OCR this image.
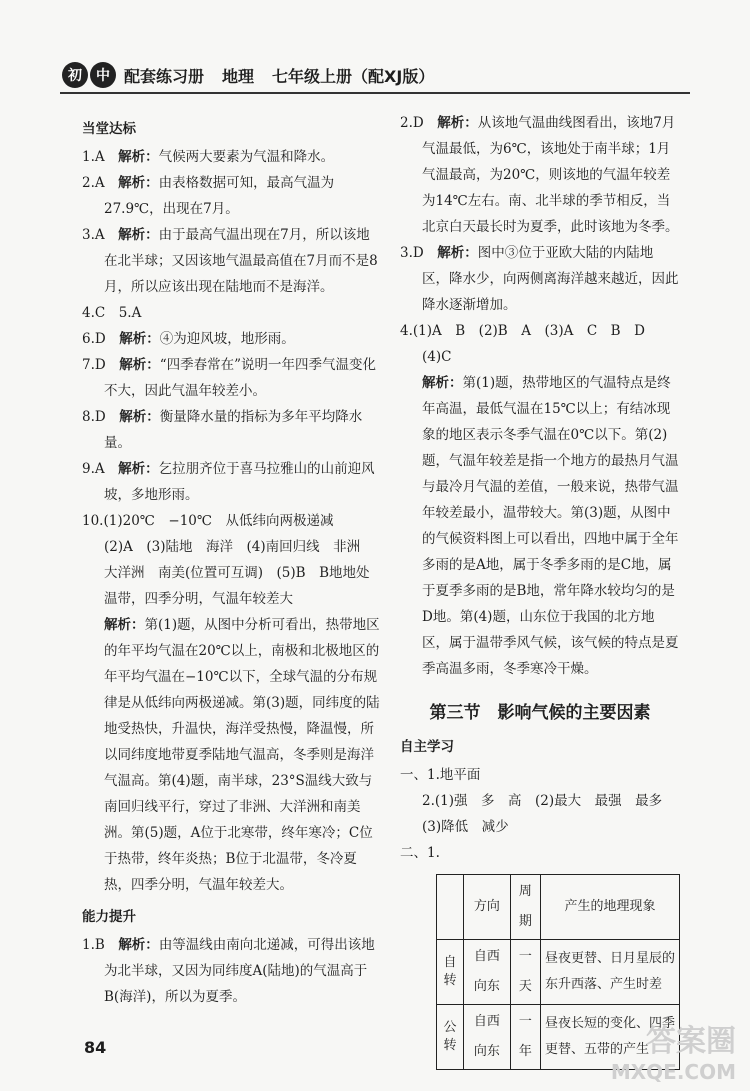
初	中 配套练习册 地理 七年级上册（配XJ版）
当堂达标
1.A　 解析：气候两大要素为气温和降水。
2.A　 解析：由表格数据可知，最高气温为27.9℃，出现在7月。
3.A　 解析：由于最高气温出现在7月，所以该地在北半球；又因该地气温最高值在7月而不是8月，所以应该出现在陆地而不是海洋。
4.C　5.A
6.D　 解析：④为迎风坡，地形雨。
7.D　 解析：“四季春常在”说明一年四季气温变化不大，因此气温年较差小。
8.D　 解析：衡量降水量的指标为多年平均降水量。
9.A　 解析：乞拉朋齐位于喜马拉雅山的山前迎风坡，多地形雨。
10.(1)20℃　−10℃　从低纬向两极递减
(2)A　(3)陆地　海洋　(4)南回归线　非洲　大洋洲　南美(位置可互调)　(5)B　B地地处温带，四季分明，气温年较差大
解析：第(1)题，从图中分析可看出，热带地区的年平均气温在20℃以上，南极和北极地区的年平均气温在−10℃以下，全球气温的分布规律是从低纬向两极递减。第(3)题，同纬度的陆地受热快，升温快，海洋受热慢，降温慢，所以同纬度地带夏季陆地气温高，冬季则是海洋气温高。第(4)题，南半球，23°S温线大致与南回归线平行，穿过了非洲、大洋洲和南美洲。第(5)题，A位于北寒带，终年寒冷；C位于热带，终年炎热；B位于北温带，冬冷夏热，四季分明，气温年较差大。
能力提升
1.B　 解析：由等温线由南向北递减，可得出该地为北半球，又因为同纬度A(陆地)的气温高于B(海洋)，所以为夏季。
2.D　 解析：从该地气温曲线图看出，该地7月气温最低，为6℃，该地处于南半球；1月气温最高，为20℃，则该地的气温年较差为14℃左右。南、北半球的季节相反，当北京白天最长时为夏季，此时该地为冬季。
3.D　 解析：图中③位于亚欧大陆的内陆地区，降水少，向两侧离海洋越来越近，因此降水逐渐增加。
4.(1)A　B　(2)B　A　(3)A　C　B　D
(4)C
解析：第(1)题，热带地区的气温特点是终年高温，最低气温在15℃以上；有结冰现象的地区表示冬季气温在0℃以下。第(2)题，气温年较差是指一个地方的最热月气温与最冷月气温的差值，一般来说，热带气温年较差最小，温带较大。第(3)题，从图中的气候资料图上可以看出，四地中属于全年多雨的是A地，属于冬季多雨的是C地，属于夏季多雨的是B地，常年降水较均匀的是D地。第(4)题，山东位于我国的北方地区，属于温带季风气候，该气候的特点是夏季高温多雨，冬季寒冷干燥。
第三节　影响气候的主要因素
自主学习
一、1.地平面
2.(1)强　多　高　(2)最大　最强　最多
(3)降低　减少
二、1.
	方向	周期	产生的地理现象
自转	自西向东	一天	昼夜更替、日月星辰的东升西落、产生时差
公转	自西向东	一年	昼夜长短的变化、四季更替、五带的产生
84	答案圈
MXQE.COM
